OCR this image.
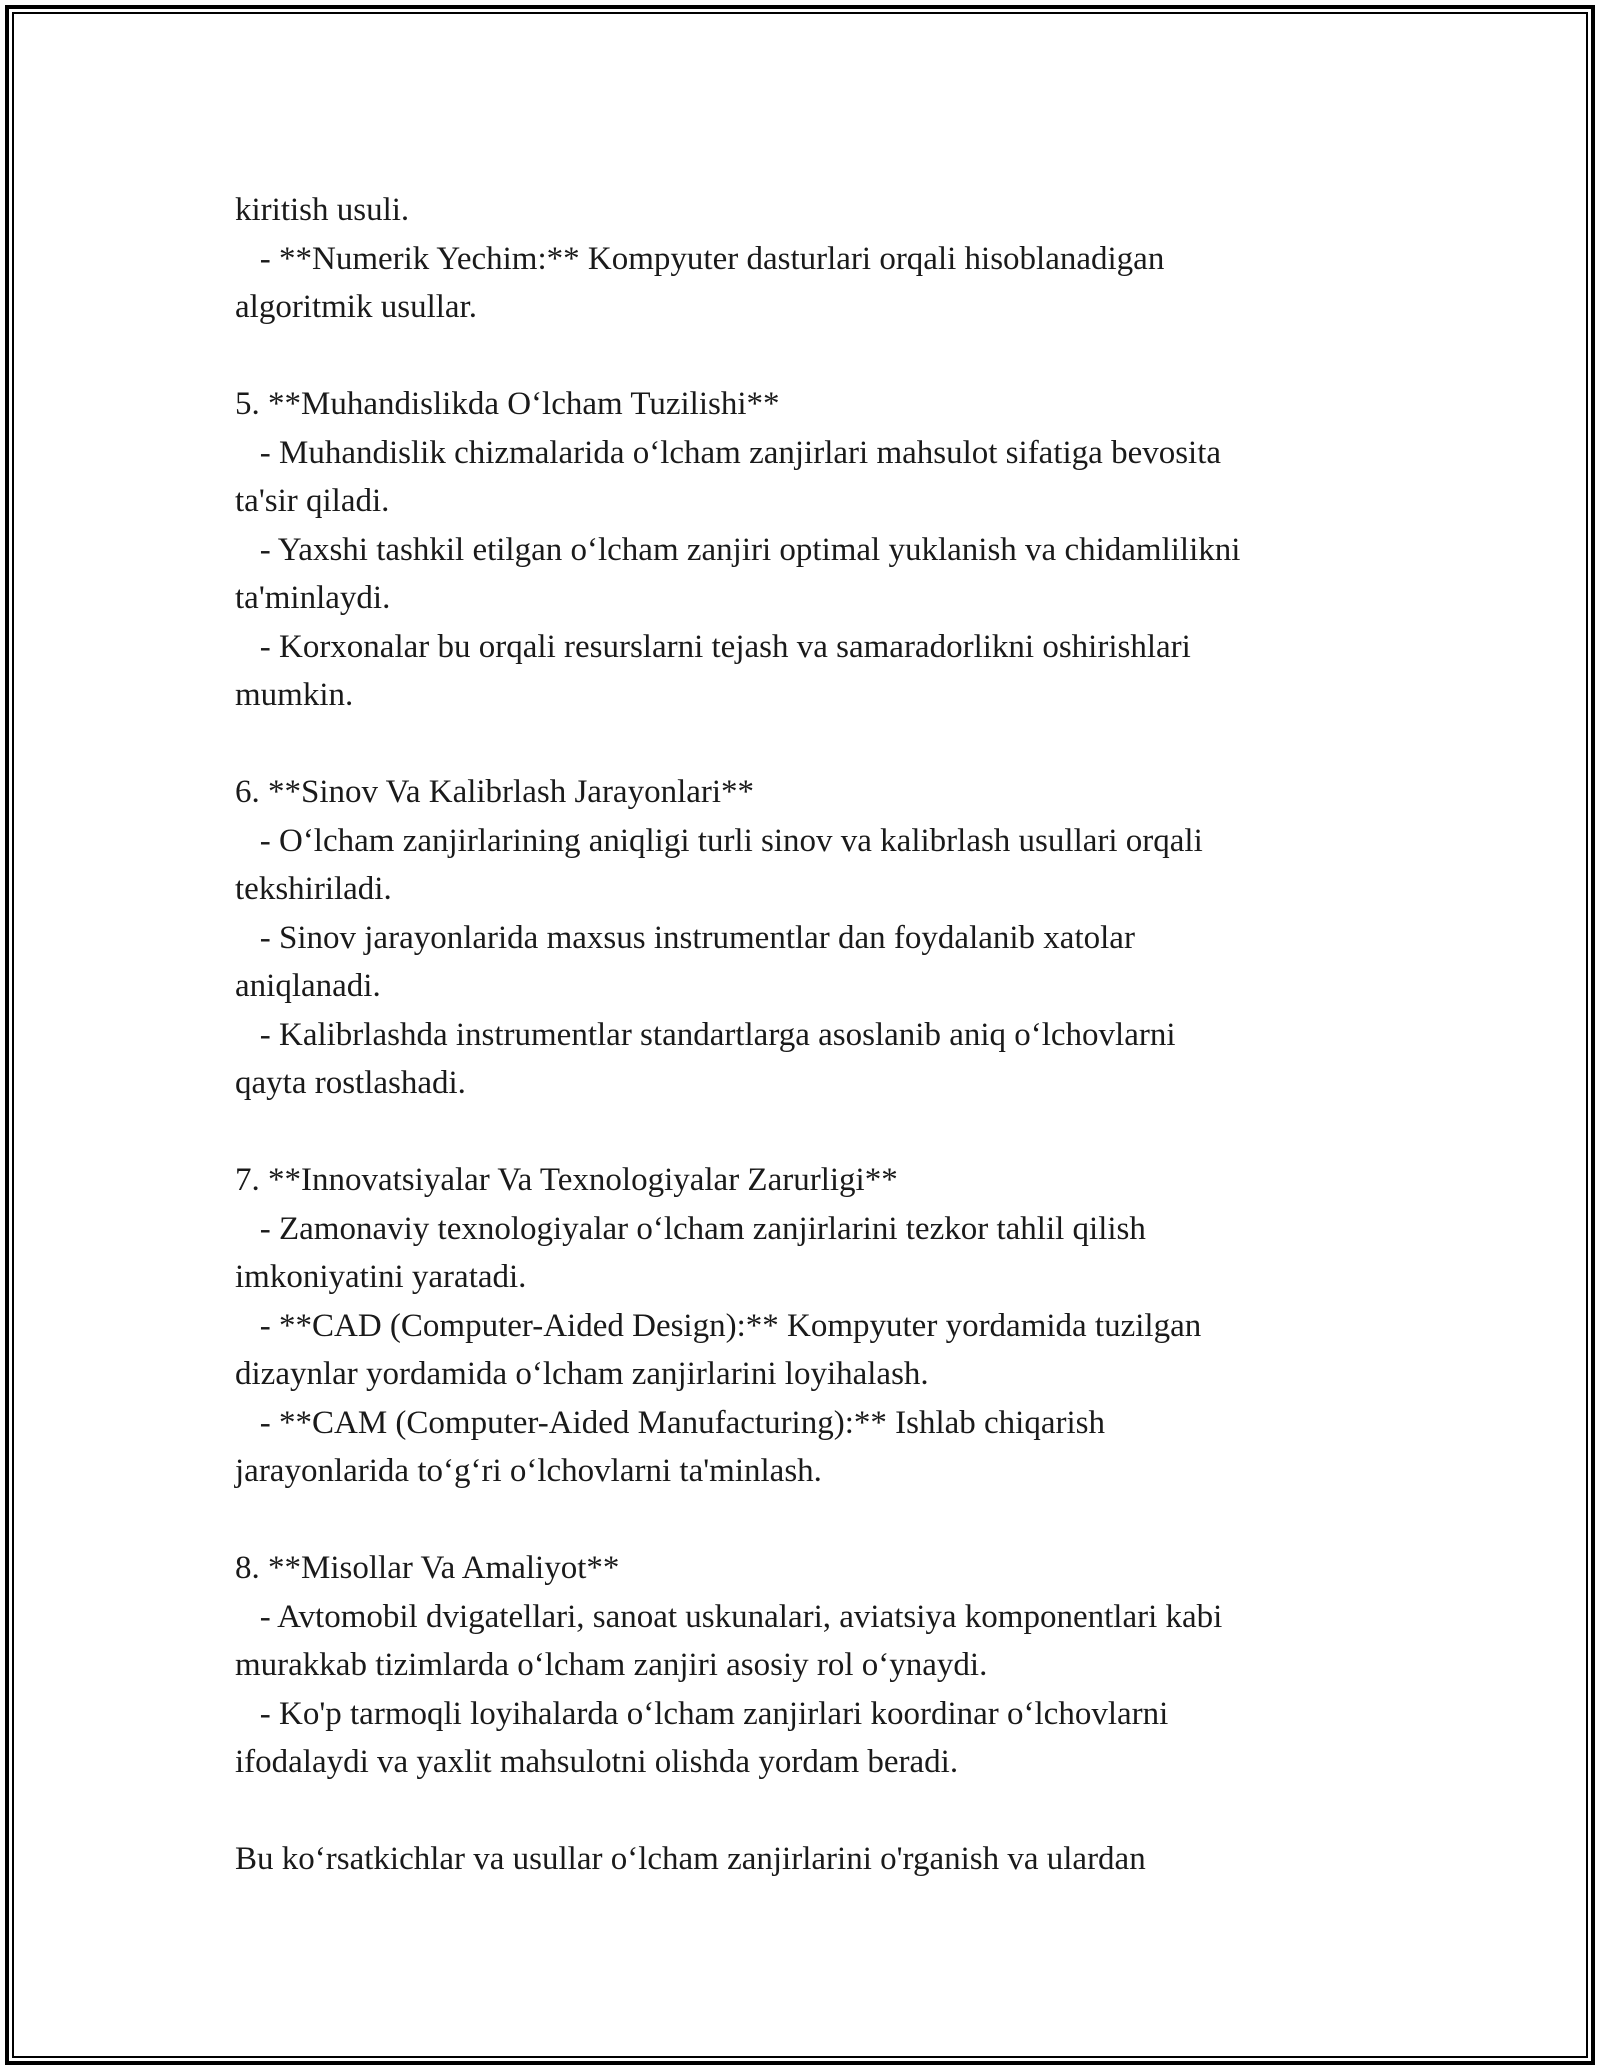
kiritish usuli.
- **Numerik Yechim:** Kompyuter dasturlari orqali hisoblanadigan
algoritmik usullar.
5. **Muhandislikda O‘lcham Tuzilishi**
- Muhandislik chizmalarida o‘lcham zanjirlari mahsulot sifatiga bevosita
ta'sir qiladi.
- Yaxshi tashkil etilgan o‘lcham zanjiri optimal yuklanish va chidamlilikni
ta'minlaydi.
- Korxonalar bu orqali resurslarni tejash va samaradorlikni oshirishlari
mumkin.
6. **Sinov Va Kalibrlash Jarayonlari**
- O‘lcham zanjirlarining aniqligi turli sinov va kalibrlash usullari orqali
tekshiriladi.
- Sinov jarayonlarida maxsus instrumentlar dan foydalanib xatolar
aniqlanadi.
- Kalibrlashda instrumentlar standartlarga asoslanib aniq o‘lchovlarni
qayta rostlashadi.
7. **Innovatsiyalar Va Texnologiyalar Zarurligi**
- Zamonaviy texnologiyalar o‘lcham zanjirlarini tezkor tahlil qilish
imkoniyatini yaratadi.
- **CAD (Computer-Aided Design):** Kompyuter yordamida tuzilgan
dizaynlar yordamida o‘lcham zanjirlarini loyihalash.
- **CAM (Computer-Aided Manufacturing):** Ishlab chiqarish
jarayonlarida to‘g‘ri o‘lchovlarni ta'minlash.
8. **Misollar Va Amaliyot**
- Avtomobil dvigatellari, sanoat uskunalari, aviatsiya komponentlari kabi
murakkab tizimlarda o‘lcham zanjiri asosiy rol o‘ynaydi.
- Ko'p tarmoqli loyihalarda o‘lcham zanjirlari koordinar o‘lchovlarni
ifodalaydi va yaxlit mahsulotni olishda yordam beradi.
Bu ko‘rsatkichlar va usullar o‘lcham zanjirlarini o'rganish va ulardan
